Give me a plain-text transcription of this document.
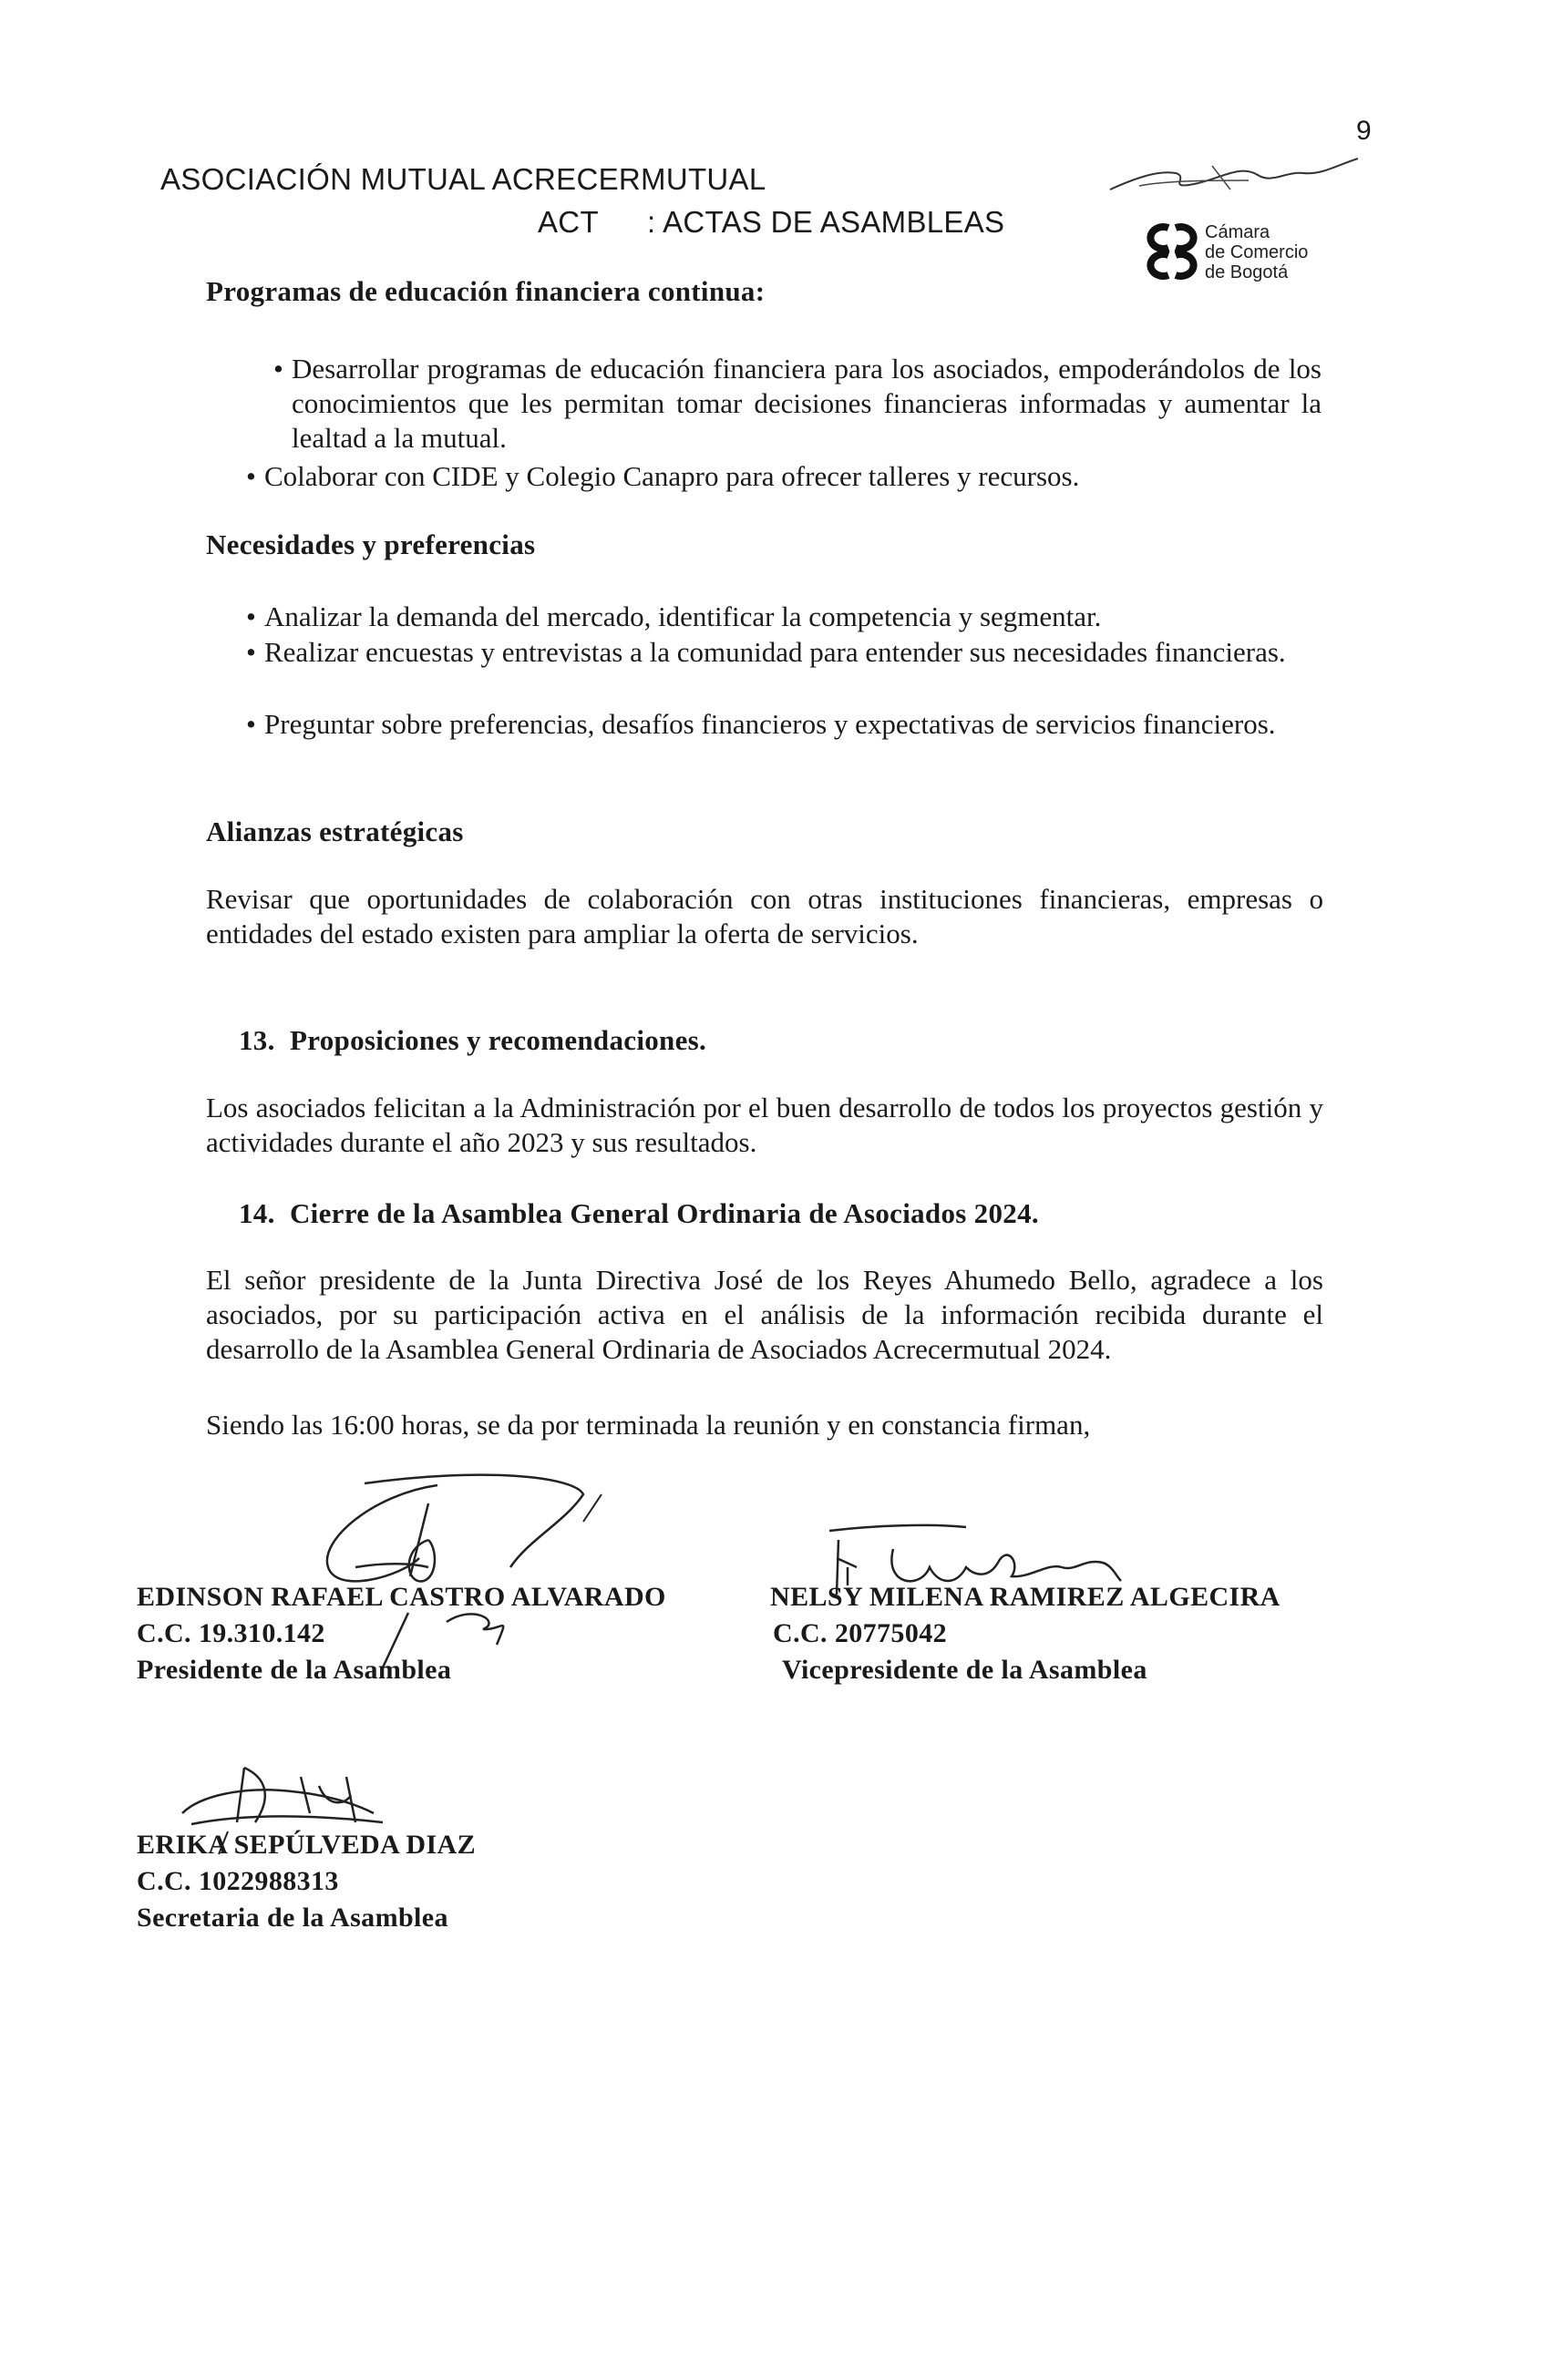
9
ASOCIACIÓN MUTUAL ACRECERMUTUAL
ACT : ACTAS DE ASAMBLEAS	Cámara
de Comercio
de Bogotá
Programas de educación financiera continua:
• Desarrollar programas de educación financiera para los asociados, empoderándolos de los conocimientos que les permitan tomar decisiones financieras informadas y aumentar la lealtad a la mutual.
• Colaborar con CIDE y Colegio Canapro para ofrecer talleres y recursos.
Necesidades y preferencias
• Analizar la demanda del mercado, identificar la competencia y segmentar.
• Realizar encuestas y entrevistas a la comunidad para entender sus necesidades financieras.
• Preguntar sobre preferencias, desafíos financieros y expectativas de servicios financieros.
Alianzas estratégicas
Revisar que oportunidades de colaboración con otras instituciones financieras, empresas o entidades del estado existen para ampliar la oferta de servicios.
13. Proposiciones y recomendaciones.
Los asociados felicitan a la Administración por el buen desarrollo de todos los proyectos gestión y actividades durante el año 2023 y sus resultados.
14. Cierre de la Asamblea General Ordinaria de Asociados 2024.
El señor presidente de la Junta Directiva José de los Reyes Ahumedo Bello, agradece a los asociados, por su participación activa en el análisis de la información recibida durante el desarrollo de la Asamblea General Ordinaria de Asociados Acrecermutual 2024.
Siendo las 16:00 horas, se da por terminada la reunión y en constancia firman,
EDINSON RAFAEL CASTRO ALVARADO
C.C. 19.310.142
Presidente de la Asamblea
NELSY MILENA RAMIREZ ALGECIRA
C.C. 20775042
Vicepresidente de la Asamblea
ERIKA SEPÚLVEDA DIAZ
C.C. 1022988313
Secretaria de la Asamblea
